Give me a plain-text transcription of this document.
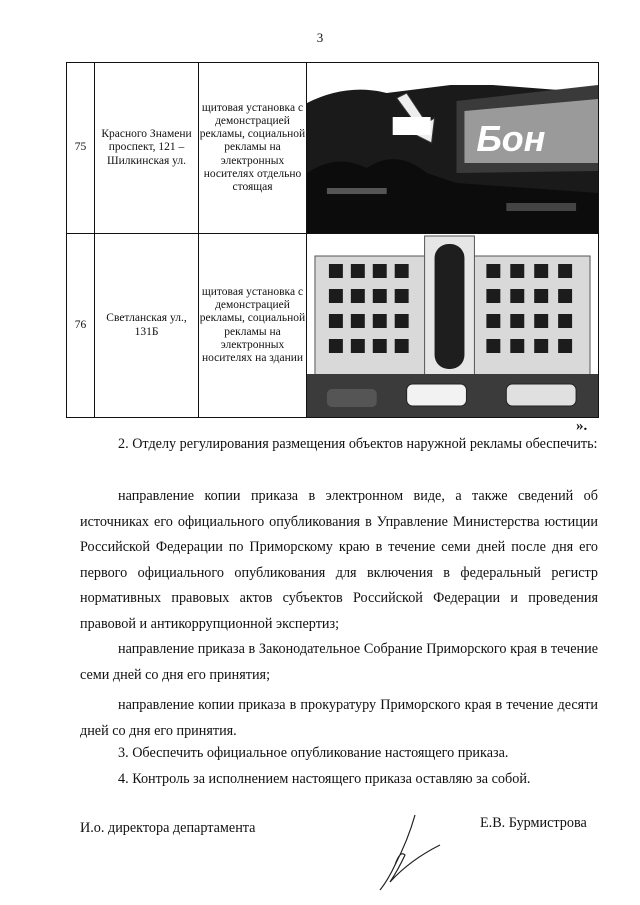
3
75	Красного Знамени проспект, 121 – Шилкинская ул.	щитовая установка с демонстрацией рекламы, социальной рекламы на электронных носителях отдельно стоящая	Бон

76	Светланская ул., 131Б	щитовая установка с демонстрацией рекламы, социальной рекламы на электронных носителях на здании	
».

2. Отделу регулирования размещения объектов наружной рекламы обеспечить:

направление копии приказа в электронном виде, а также сведений об источниках его официального опубликования в Управление Министерства юстиции Российской Федерации по Приморскому краю в течение семи дней после дня его первого официального опубликования для включения в федеральный регистр нормативных правовых актов субъектов Российской Федерации и проведения правовой и антикоррупционной экспертиз;

направление приказа в Законодательное Собрание Приморского края в течение семи дней со дня его принятия;

направление копии приказа в прокуратуру Приморского края в течение десяти дней со дня его принятия.

3. Обеспечить официальное опубликование настоящего приказа.

4. Контроль за исполнением настоящего приказа оставляю за собой.

И.о. директора департамента	Е.В. Бурмистрова
